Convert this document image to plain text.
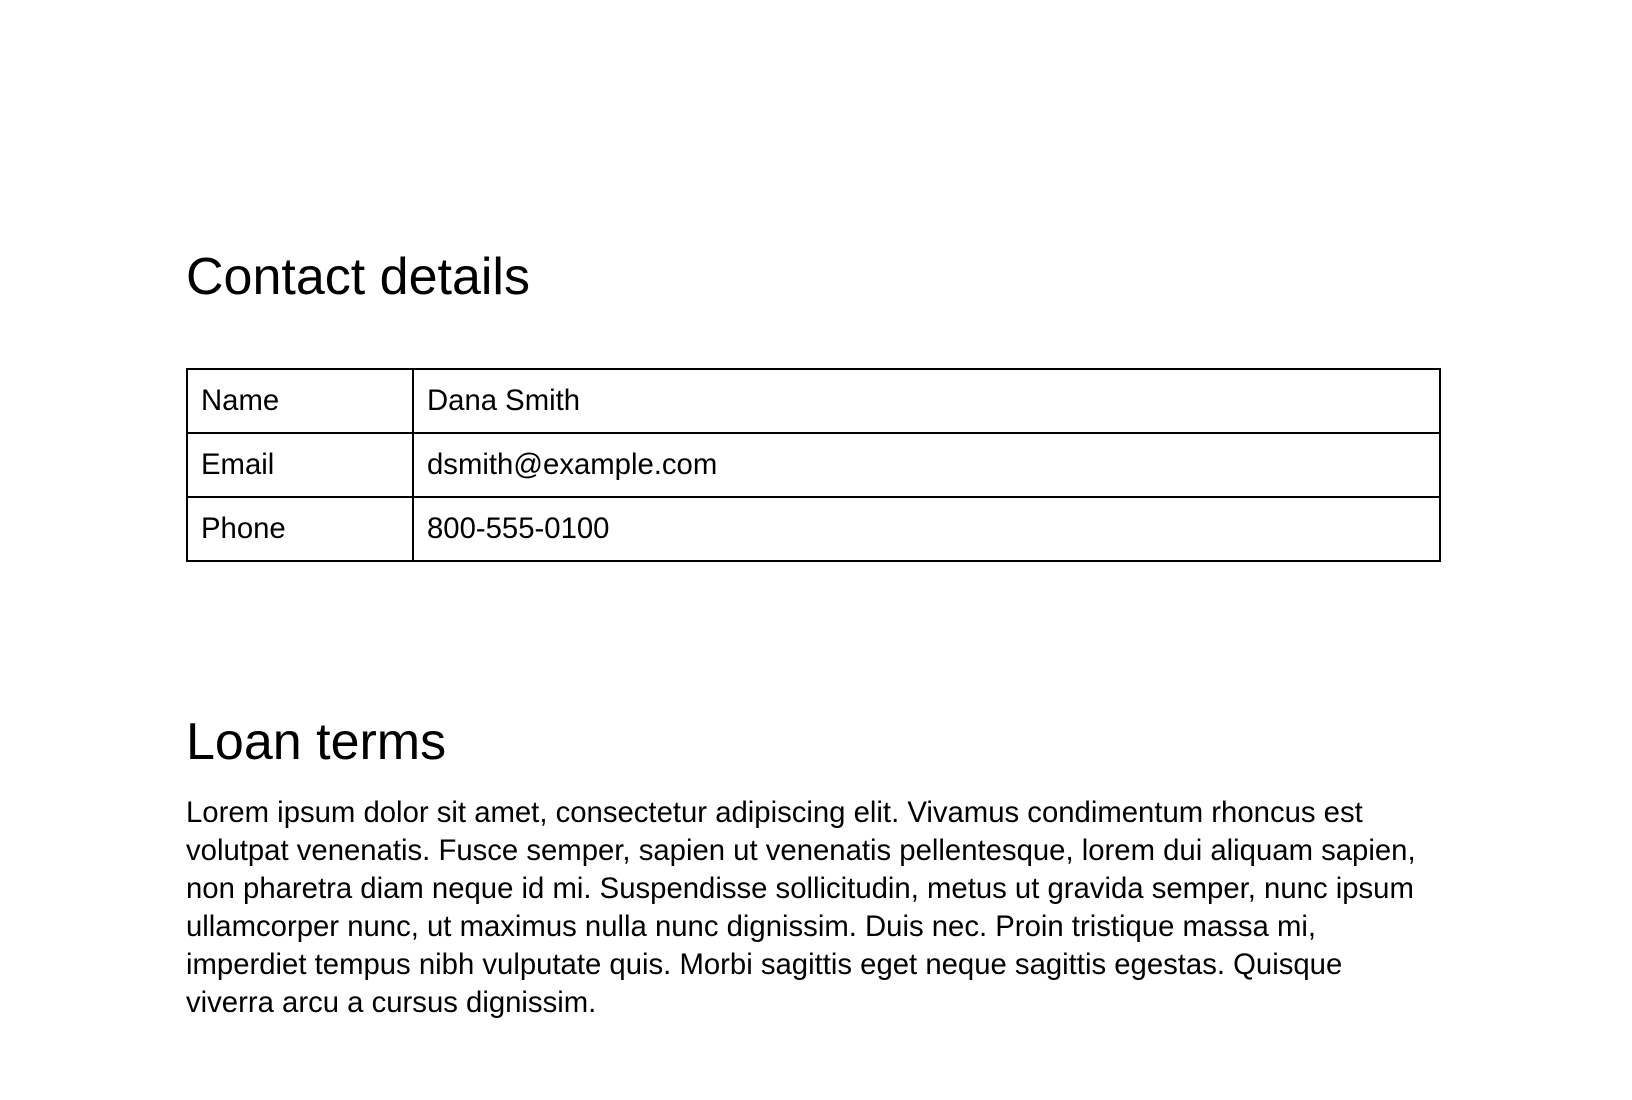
Contact details
Name	Dana Smith
Email	dsmith@example.com
Phone	800-555-0100
Loan terms

Lorem ipsum dolor sit amet, consectetur adipiscing elit. Vivamus condimentum rhoncus est volutpat venenatis. Fusce semper, sapien ut venenatis pellentesque, lorem dui aliquam sapien, non pharetra diam neque id mi. Suspendisse sollicitudin, metus ut gravida semper, nunc ipsum ullamcorper nunc, ut maximus nulla nunc dignissim. Duis nec. Proin tristique massa mi, imperdiet tempus nibh vulputate quis. Morbi sagittis eget neque sagittis egestas. Quisque viverra arcu a cursus dignissim.
